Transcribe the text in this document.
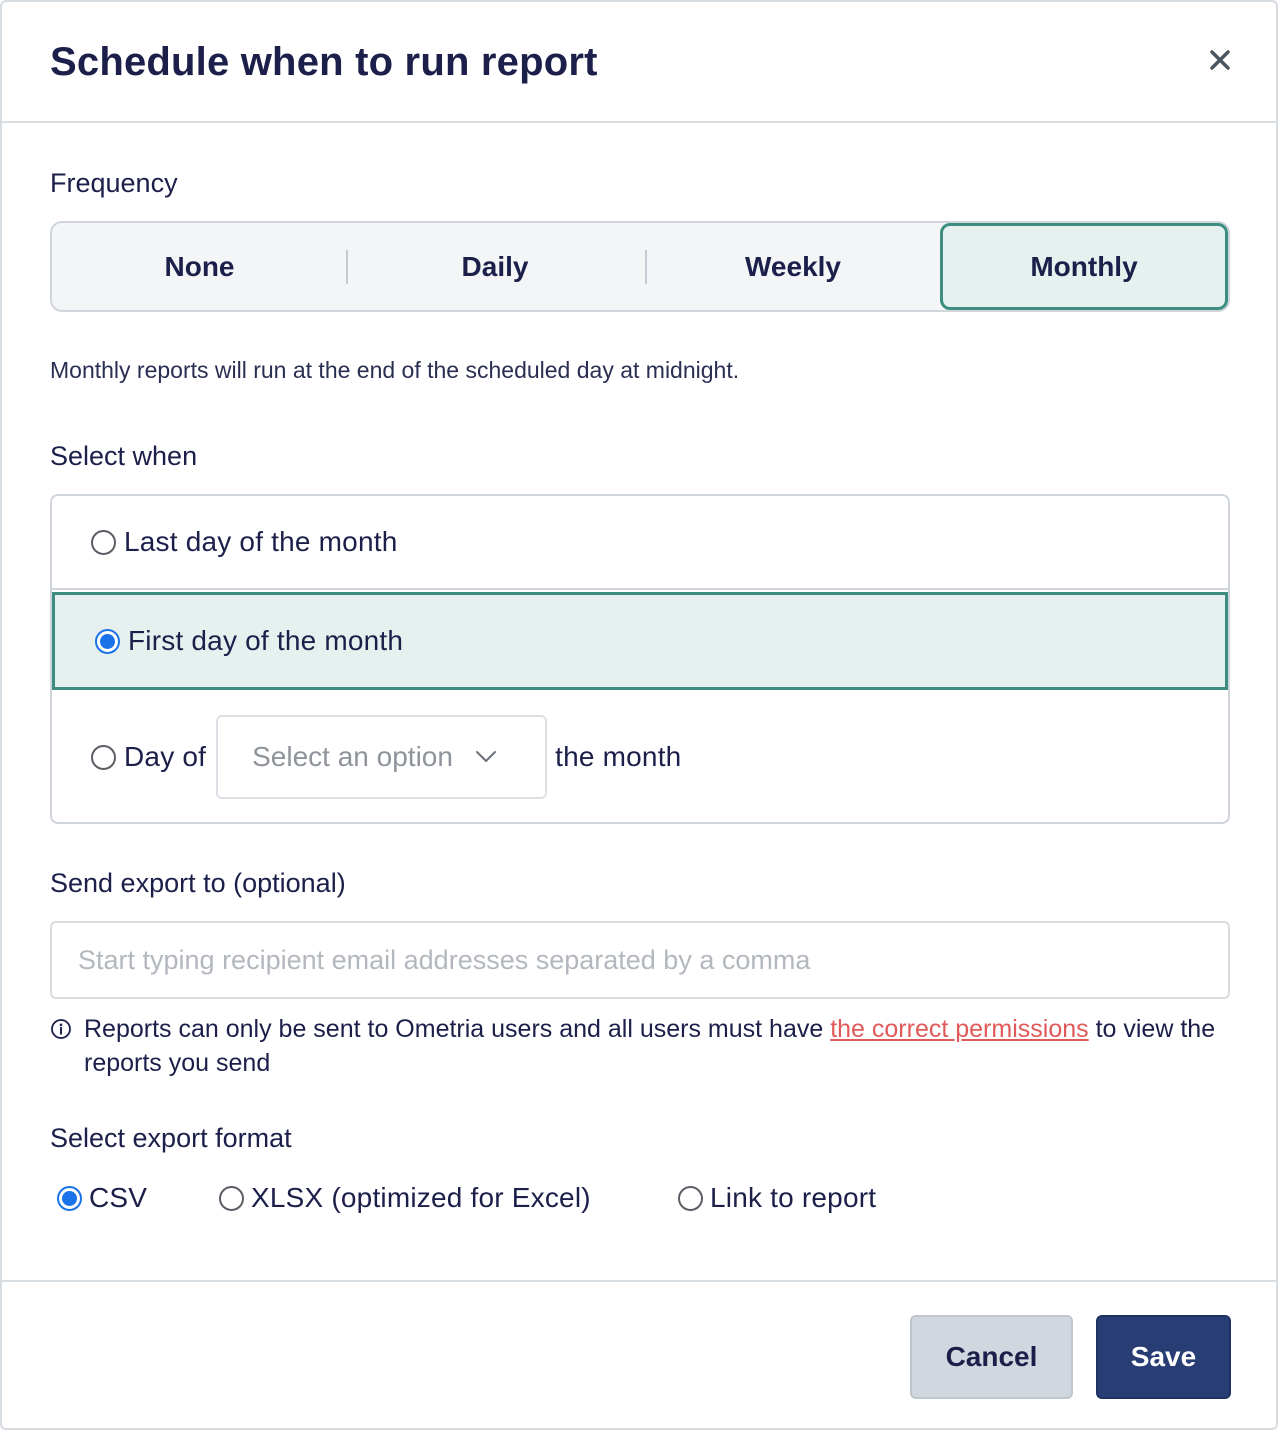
Schedule when to run report
Frequency
None	Daily	Weekly	Monthly
Monthly reports will run at the end of the scheduled day at midnight.
Select when
Last day of the month
First day of the month
Day of Select an option	the month
Send export to (optional)
Start typing recipient email addresses separated by a comma
Reports can only be sent to Ometria users and all users must have the correct permissions to view the reports you send
Select export format
CSV	XLSX (optimized for Excel)	Link to report
Cancel	Save
